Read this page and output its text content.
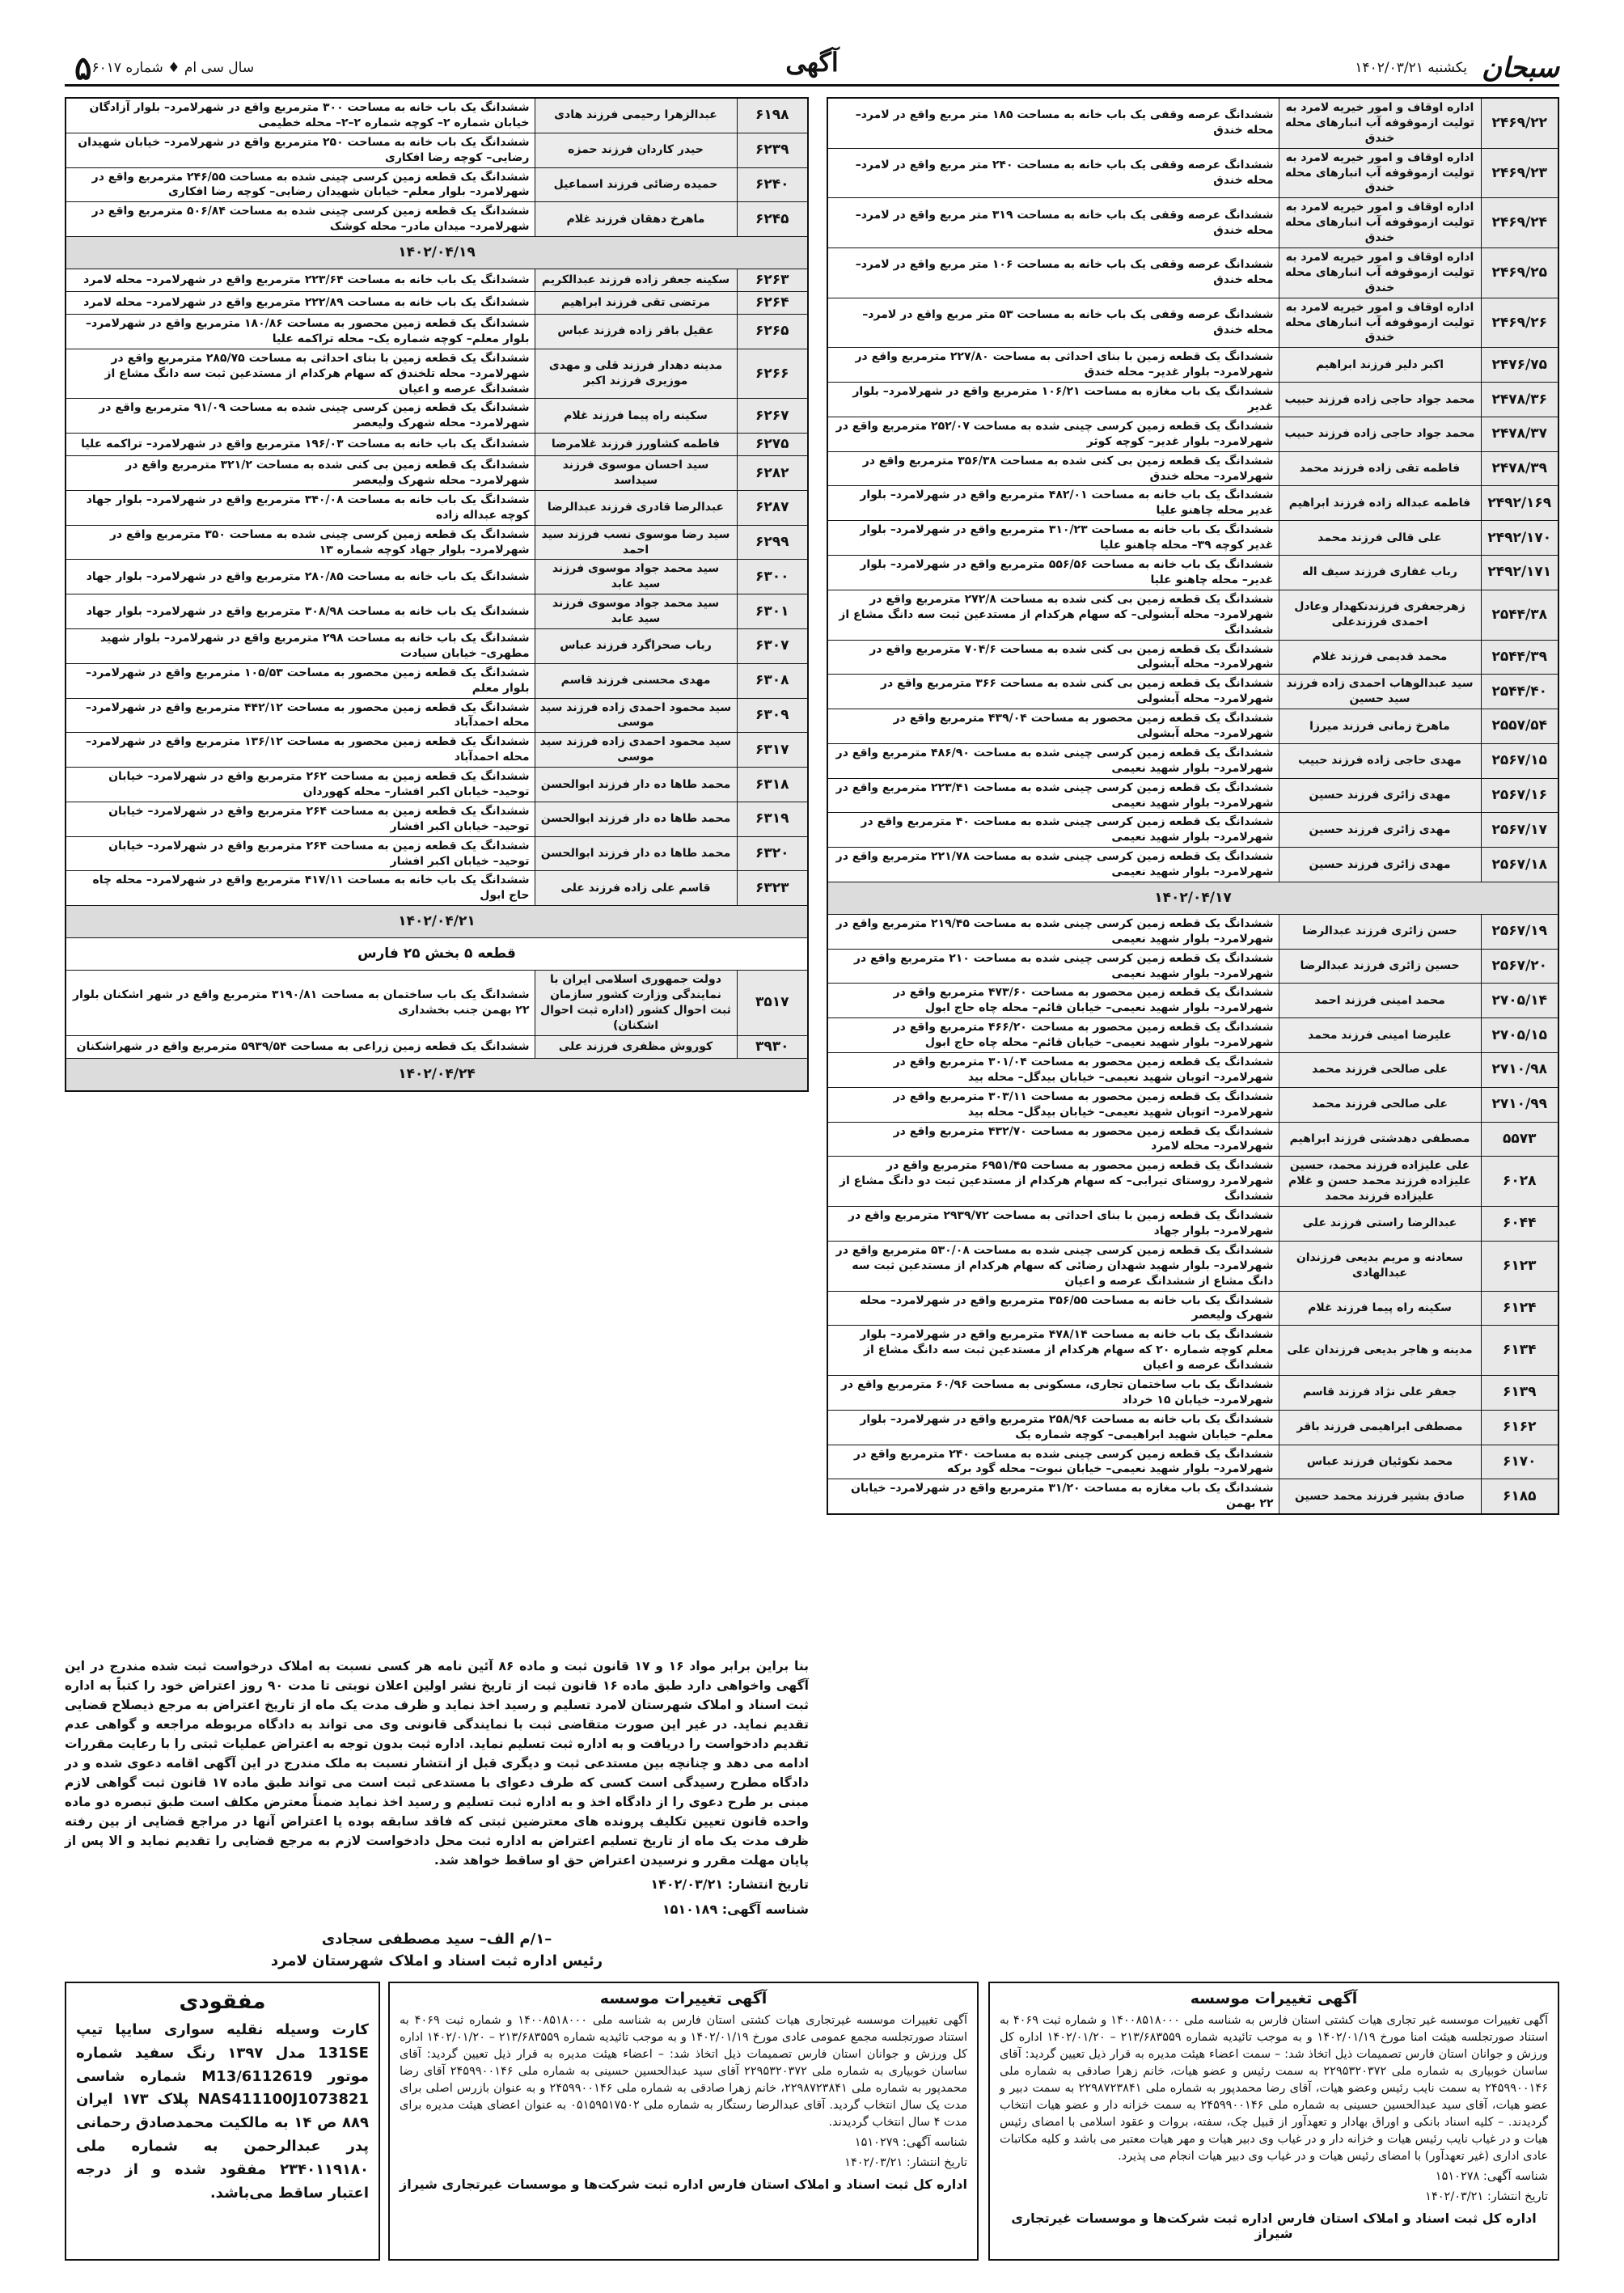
سبحان
یکشنبه ۱۴۰۲/۰۳/۲۱
آگهی
سال سی ام ♦ شماره ۶۰۱۷
۵
۲۴۶۹/۲۲	اداره اوقاف و امور خیریه لامرد به تولیت ازموقوفه آب انبارهای محله خندق	ششدانگ عرصه وقفی یک باب خانه به مساحت ۱۸۵ متر مربع واقع در لامرد– محله خندق
۲۴۶۹/۲۳	اداره اوقاف و امور خیریه لامرد به تولیت ازموقوفه آب انبارهای محله خندق	ششدانگ عرصه وقفی یک باب خانه به مساحت ۲۴۰ متر مربع واقع در لامرد– محله خندق
۲۴۶۹/۲۴	اداره اوقاف و امور خیریه لامرد به تولیت ازموقوفه آب انبارهای محله خندق	ششدانگ عرصه وقفی یک باب خانه به مساحت ۳۱۹ متر مربع واقع در لامرد– محله خندق
۲۴۶۹/۲۵	اداره اوقاف و امور خیریه لامرد به تولیت ازموقوفه آب انبارهای محله خندق	ششدانگ عرصه وقفی یک باب خانه به مساحت ۱۰۶ متر مربع واقع در لامرد– محله خندق
۲۴۶۹/۲۶	اداره اوقاف و امور خیریه لامرد به تولیت ازموقوفه آب انبارهای محله خندق	ششدانگ عرصه وقفی یک باب خانه به مساحت ۵۳ متر مربع واقع در لامرد– محله خندق
۲۴۷۶/۷۵	اکبر دلیر فرزند ابراهیم	ششدانگ یک قطعه زمین با بنای احداثی به مساحت ۲۲۷/۸۰ مترمربع واقع در شهرلامرد– بلوار غدیر– محله خندق
۲۴۷۸/۳۶	محمد جواد حاجی زاده فرزند حبیب	ششدانگ یک باب مغازه به مساحت ۱۰۶/۲۱ مترمربع واقع در شهرلامرد– بلوار غدیر
۲۴۷۸/۳۷	محمد جواد حاجی زاده فرزند حبیب	ششدانگ یک قطعه زمین کرسی چینی شده به مساحت ۲۵۲/۰۷ مترمربع واقع در شهرلامرد– بلوار غدیر– کوچه کوثر
۲۴۷۸/۳۹	فاطمه تقی زاده فرزند محمد	ششدانگ یک قطعه زمین بی کنی شده به مساحت ۳۵۶/۳۸ مترمربع واقع در شهرلامرد– محله خندق
۲۴۹۲/۱۶۹	فاطمه عبداله زاده فرزند ابراهیم	ششدانگ یک باب خانه به مساحت ۴۸۲/۰۱ مترمربع واقع در شهرلامرد– بلوار غدیر محله چاهنو علیا
۲۴۹۲/۱۷۰	علی قالی فرزند محمد	ششدانگ یک باب خانه به مساحت ۳۱۰/۲۳ مترمربع واقع در شهرلامرد– بلوار غدیر کوچه ۳۹– محله چاهنو علیا
۲۴۹۲/۱۷۱	رباب غفاری فرزند سیف اله	ششدانگ یک باب خانه به مساحت ۵۵۶/۵۶ مترمربع واقع در شهرلامرد– بلوار غدیر– محله چاهنو علیا
۲۵۴۴/۳۸	زهرجعفری فرزندنکهدار وعادل احمدی فرزندعلی	ششدانگ یک قطعه زمین بی کنی شده به مساحت ۲۷۲/۸ مترمربع واقع در شهرلامرد– محله آبشولی– که سهام هرکدام از مستدعین ثبت سه دانگ مشاع از ششدانگ
۲۵۴۴/۳۹	محمد قدیمی فرزند غلام	ششدانگ یک قطعه زمین بی کنی شده به مساحت ۷۰۴/۶ مترمربع واقع در شهرلامرد– محله آبشولی
۲۵۴۴/۴۰	سید عبدالوهاب احمدی زاده فرزند سید حسین	ششدانگ یک قطعه زمین بی کنی شده به مساحت ۳۶۶ مترمربع واقع در شهرلامرد– محله آبشولی
۲۵۵۷/۵۴	ماهرخ زمانی فرزند میرزا	ششدانگ یک قطعه زمین محصور به مساحت ۴۳۹/۰۴ مترمربع واقع در شهرلامرد– محله آبشولی
۲۵۶۷/۱۵	مهدی حاجی زاده فرزند حبیب	ششدانگ یک قطعه زمین کرسی چینی شده به مساحت ۴۸۶/۹۰ مترمربع واقع در شهرلامرد– بلوار شهید نعیمی
۲۵۶۷/۱۶	مهدی زائری فرزند حسین	ششدانگ یک قطعه زمین کرسی چینی شده به مساحت ۲۲۳/۴۱ مترمربع واقع در شهرلامرد– بلوار شهید نعیمی
۲۵۶۷/۱۷	مهدی زائری فرزند حسین	ششدانگ یک قطعه زمین کرسی چینی شده به مساحت ۴۰ مترمربع واقع در شهرلامرد– بلوار شهید نعیمی
۲۵۶۷/۱۸	مهدی زائری فرزند حسین	ششدانگ یک قطعه زمین کرسی چینی شده به مساحت ۲۲۱/۷۸ مترمربع واقع در شهرلامرد– بلوار شهید نعیمی
۱۴۰۲/۰۴/۱۷		
۲۵۶۷/۱۹	حسن زائری فرزند عبدالرضا	ششدانگ یک قطعه زمین کرسی چینی شده به مساحت ۲۱۹/۴۵ مترمربع واقع در شهرلامرد– بلوار شهید نعیمی
۲۵۶۷/۲۰	حسین زائری فرزند عبدالرضا	ششدانگ یک قطعه زمین کرسی چینی شده به مساحت ۲۱۰ مترمربع واقع در شهرلامرد– بلوار شهید نعیمی
۲۷۰۵/۱۴	محمد امینی فرزند احمد	ششدانگ یک قطعه زمین محصور به مساحت ۴۷۳/۶۰ مترمربع واقع در شهرلامرد– بلوار شهید نعیمی– خیابان قائم– محله چاه حاج ابول
۲۷۰۵/۱۵	علیرضا امینی فرزند محمد	ششدانگ یک قطعه زمین محصور به مساحت ۴۶۶/۲۰ مترمربع واقع در شهرلامرد– بلوار شهید نعیمی– خیابان قائم– محله چاه حاج ابول
۲۷۱۰/۹۸	علی صالحی فرزند محمد	ششدانگ یک قطعه زمین محصور به مساحت ۳۰۱/۰۴ مترمربع واقع در شهرلامرد– اتوبان شهید نعیمی– خیابان بیدگل– محله بید
۲۷۱۰/۹۹	علی صالحی فرزند محمد	ششدانگ یک قطعه زمین محصور به مساحت ۳۰۳/۱۱ مترمربع واقع در شهرلامرد– اتوبان شهید نعیمی– خیابان بیدگل– محله بید
۵۵۷۳	مصطفی دهدشتی فرزند ابراهیم	ششدانگ یک قطعه زمین محصور به مساحت ۴۳۲/۷۰ مترمربع واقع در شهرلامرد– محله لامرد
۶۰۲۸	علی علیزاده فرزند محمد، حسین علیزاده فرزند محمد حسن و غلام علیزاده فرزند محمد	ششدانگ یک قطعه زمین محصور به مساحت ۶۹۵۱/۴۵ مترمربع واقع در شهرلامرد روستای تیرابی– که سهام هرکدام از مستدعین ثبت دو دانگ مشاع از ششدانگ
۶۰۴۴	عبدالرضا راستی فرزند علی	ششدانگ یک قطعه زمین با بنای احداثی به مساحت ۲۹۳۹/۷۲ مترمربع واقع در شهرلامرد– بلوار جهاد
۶۱۲۳	سعادنه و مریم بدیعی فرزندان عبدالهادی	ششدانگ یک قطعه زمین کرسی چینی شده به مساحت ۵۳۰/۰۸ مترمربع واقع در شهرلامرد– بلوار شهید شهدان رضائی که سهام هرکدام از مستدعین ثبت سه دانگ مشاع از ششدانگ عرصه و اعیان
۶۱۲۴	سکینه راه پیما فرزند غلام	ششدانگ یک باب خانه به مساحت ۳۵۶/۵۵ مترمربع واقع در شهرلامرد– محله شهرک ولیعصر
۶۱۳۴	مدینه و هاجر بدیعی فرزندان علی	ششدانگ یک باب خانه به مساحت ۴۷۸/۱۴ مترمربع واقع در شهرلامرد– بلوار معلم کوچه شماره ۲۰ که سهام هرکدام از مستدعین ثبت سه دانگ مشاع از ششدانگ عرصه و اعیان
۶۱۳۹	جعفر علی نژاد فرزند قاسم	ششدانگ یک باب ساختمان تجاری، مسکونی به مساحت ۶۰/۹۶ مترمربع واقع در شهرلامرد– خیابان ۱۵ خرداد
۶۱۶۲	مصطفی ابراهیمی فرزند باقر	ششدانگ یک باب خانه به مساحت ۲۵۸/۹۶ مترمربع واقع در شهرلامرد– بلوار معلم– خیابان شهید ابراهیمی– کوچه شماره یک
۶۱۷۰	محمد نکوئیان فرزند عباس	ششدانگ یک قطعه زمین کرسی چینی شده به مساحت ۲۴۰ مترمربع واقع در شهرلامرد– بلوار شهید نعیمی– خیابان نبوت– محله گود برکه
۶۱۸۵	صادق بشیر فرزند محمد حسین	ششدانگ یک باب مغازه به مساحت ۳۱/۲۰ مترمربع واقع در شهرلامرد– خیابان ۲۲ بهمن
۶۱۹۸	عبدالزهرا رحیمی فرزند هادی	ششدانگ یک باب خانه به مساحت ۳۰۰ مترمربع واقع در شهرلامرد– بلوار آزادگان خیابان شماره ۲– کوچه شماره ۲–۲– محله خطیمی
۶۲۳۹	حیدر کاردان فرزند حمزه	ششدانگ یک باب خانه به مساحت ۲۵۰ مترمربع واقع در شهرلامرد– خیابان شهیدان رضایی– کوچه رضا افکاری
۶۲۴۰	حمیده رضائی فرزند اسماعیل	ششدانگ یک قطعه زمین کرسی چینی شده به مساحت ۲۴۶/۵۵ مترمربع واقع در شهرلامرد– بلوار معلم– خیابان شهیدان رضایی– کوچه رضا افکاری
۶۲۴۵	ماهرخ دهقان فرزند غلام	ششدانگ یک قطعه زمین کرسی چینی شده به مساحت ۵۰۶/۸۴ مترمربع واقع در شهرلامرد– میدان مادر– محله کوشک
۱۴۰۲/۰۴/۱۹		
۶۲۶۳	سکینه جعفر زاده فرزند عبدالکریم	ششدانگ یک باب خانه به مساحت ۲۲۳/۶۴ مترمربع واقع در شهرلامرد– محله لامرد
۶۲۶۴	مرتضی تقی فرزند ابراهیم	ششدانگ یک باب خانه به مساحت ۲۲۲/۸۹ مترمربع واقع در شهرلامرد– محله لامرد
۶۲۶۵	عقیل باقر زاده فرزند عباس	ششدانگ یک قطعه زمین محصور به مساحت ۱۸۰/۸۶ مترمربع واقع در شهرلامرد– بلوار معلم– کوچه شماره یک– محله تراکمه علیا
۶۲۶۶	مدینه دهدار فرزند قلی و مهدی موزیری فرزند اکبر	ششدانگ یک قطعه زمین با بنای احداثی به مساحت ۲۸۵/۷۵ مترمربع واقع در شهرلامرد– محله تلخندق که سهام هرکدام از مستدعین ثبت سه دانگ مشاع از ششدانگ عرصه و اعیان
۶۲۶۷	سکینه راه پیما فرزند غلام	ششدانگ یک قطعه زمین کرسی چینی شده به مساحت ۹۱/۰۹ مترمربع واقع در شهرلامرد– محله شهرک ولیعصر
۶۲۷۵	فاطمه کشاورز فرزند غلامرضا	ششدانگ یک باب خانه به مساحت ۱۹۶/۰۳ مترمربع واقع در شهرلامرد– تراکمه علیا
۶۲۸۲	سید احسان موسوی فرزند سیداسد	ششدانگ یک قطعه زمین بی کنی شده به مساحت ۳۲۱/۲ مترمربع واقع در شهرلامرد– محله شهرک ولیعصر
۶۲۸۷	عبدالرضا قادری فرزند عبدالرضا	ششدانگ یک باب خانه به مساحت ۳۴۰/۰۸ مترمربع واقع در شهرلامرد– بلوار جهاد کوچه عبداله زاده
۶۲۹۹	سید رضا موسوی نسب فرزند سید احمد	ششدانگ یک قطعه زمین کرسی چینی شده به مساحت ۳۵۰ مترمربع واقع در شهرلامرد– بلوار جهاد کوچه شماره ۱۳
۶۳۰۰	سید محمد جواد موسوی فرزند سید عابد	ششدانگ یک باب خانه به مساحت ۲۸۰/۸۵ مترمربع واقع در شهرلامرد– بلوار جهاد
۶۳۰۱	سید محمد جواد موسوی فرزند سید عابد	ششدانگ یک باب خانه به مساحت ۳۰۸/۹۸ مترمربع واقع در شهرلامرد– بلوار جهاد
۶۳۰۷	رباب صحراگرد فرزند عباس	ششدانگ یک باب خانه به مساحت ۲۹۸ مترمربع واقع در شهرلامرد– بلوار شهید مطهری– خیابان سیادت
۶۳۰۸	مهدی محسنی فرزند قاسم	ششدانگ یک قطعه زمین محصور به مساحت ۱۰۵/۵۳ مترمربع واقع در شهرلامرد– بلوار معلم
۶۳۰۹	سید محمود احمدی زاده فرزند سید موسی	ششدانگ یک قطعه زمین محصور به مساحت ۴۴۲/۱۲ مترمربع واقع در شهرلامرد– محله احمدآباد
۶۳۱۷	سید محمود احمدی زاده فرزند سید موسی	ششدانگ یک قطعه زمین محصور به مساحت ۱۳۶/۱۲ مترمربع واقع در شهرلامرد– محله احمدآباد
۶۳۱۸	محمد طاها ده دار فرزند ابوالحسن	ششدانگ یک قطعه زمین به مساحت ۲۶۲ مترمربع واقع در شهرلامرد– خیابان توحید– خیابان اکبر افشار– محله کهوردان
۶۳۱۹	محمد طاها ده دار فرزند ابوالحسن	ششدانگ یک قطعه زمین به مساحت ۲۶۴ مترمربع واقع در شهرلامرد– خیابان توحید– خیابان اکبر افشار
۶۳۲۰	محمد طاها ده دار فرزند ابوالحسن	ششدانگ یک قطعه زمین به مساحت ۲۶۴ مترمربع واقع در شهرلامرد– خیابان توحید– خیابان اکبر افشار
۶۳۲۳	قاسم علی زاده فرزند علی	ششدانگ یک باب خانه به مساحت ۴۱۷/۱۱ مترمربع واقع در شهرلامرد– محله چاه حاج ابول
۱۴۰۲/۰۴/۲۱		
قطعه ۵ بخش ۲۵ فارس		
۳۵۱۷	دولت جمهوری اسلامی ایران با نمایندگی وزارت کشور سازمان ثبت احوال کشور (اداره ثبت احوال اشکنان)	ششدانگ یک باب ساختمان به مساحت ۳۱۹۰/۸۱ مترمربع واقع در شهر اشکنان بلوار ۲۲ بهمن جنب بخشداری
۳۹۳۰	کوروش مظفری فرزند علی	ششدانگ یک قطعه زمین زراعی به مساحت ۵۹۳۹/۵۴ مترمربع واقع در شهراشکنان
۱۴۰۲/۰۴/۲۴		
بنا براین برابر مواد ۱۶ و ۱۷ قانون ثبت و ماده ۸۶ آئین نامه هر کسی نسبت به املاک درخواست ثبت شده مندرج در این آگهی واخواهی دارد طبق ماده ۱۶ قانون ثبت از تاریخ نشر اولین اعلان نوبتی تا مدت ۹۰ روز اعتراض خود را کتباً به اداره ثبت اسناد و املاک شهرستان لامرد تسلیم و رسید اخذ نماید و ظرف مدت یک ماه از تاریخ اعتراض به مرجع ذیصلاح قضایی تقدیم نماید. در غیر این صورت متقاضی ثبت با نمایندگی قانونی وی می تواند به دادگاه مربوطه مراجعه و گواهی عدم تقدیم دادخواست را دریافت و به اداره ثبت تسلیم نماید. اداره ثبت بدون توجه به اعتراض عملیات ثبتی را با رعایت مقررات ادامه می دهد و چنانچه بین مستدعی ثبت و دیگری قبل از انتشار نسبت به ملک مندرج در این آگهی اقامه دعوی شده و در دادگاه مطرح رسیدگی است کسی که طرف دعوای با مستدعی ثبت است می تواند طبق ماده ۱۷ قانون ثبت گواهی لازم مبنی بر طرح دعوی را از دادگاه اخذ و به اداره ثبت تسلیم و رسید اخذ نماید ضمناً معترض مکلف است طبق تبصره دو ماده واحده قانون تعیین تکلیف پرونده های معترضین ثبتی که فاقد سابقه بوده یا اعتراض آنها در مراجع قضایی از بین رفته ظرف مدت یک ماه از تاریخ تسلیم اعتراض به اداره ثبت محل دادخواست لازم به مرجع قضایی را تقدیم نماید و الا پس از پایان مهلت مقرر و نرسیدن اعتراض حق او ساقط خواهد شد.
تاریخ انتشار: ۱۴۰۲/۰۳/۲۱
شناسه آگهی: ۱۵۱۰۱۸۹
–۱/م الف– سید مصطفی سجادی
رئیس اداره ثبت اسناد و املاک شهرستان لامرد
آگهی تغییرات موسسه
آگهی تغییرات موسسه غیر تجاری هیات کشتی استان فارس به شناسه ملی ۱۴۰۰۸۵۱۸۰۰۰ و شماره ثبت ۴۰۶۹ به استناد صورتجلسه هیئت امنا مورخ ۱۴۰۲/۰۱/۱۹ و به موجب تائیدیه شماره ۲۱۳/۶۸۳۵۵۹ – ۱۴۰۲/۰۱/۲۰ اداره کل ورزش و جوانان استان فارس تصمیمات ذیل اتخاذ شد: – سمت اعضاء هیئت مدیره به قرار ذیل تعیین گردید: آقای ساسان خوبیاری به شماره ملی ۲۲۹۵۳۲۰۳۷۲ به سمت رئیس و عضو هیات، خانم زهرا صادقی به شماره ملی ۲۴۵۹۹۰۰۱۴۶ به سمت نایب رئیس وعضو هیات، آقای رضا محمدپور به شماره ملی ۲۲۹۸۷۲۳۸۴۱ به سمت دبیر و عضو هیات، آقای سید عبدالحسین حسینی به شماره ملی ۲۴۵۹۹۰۰۱۴۶ به سمت خزانه دار و عضو هیات انتخاب گردیدند. – کلیه اسناد بانکی و اوراق بهادار و تعهدآور از قبیل چک، سفته، بروات و عقود اسلامی با امضای رئیس هیات و در غیاب نایب رئیس هیات و خزانه دار و در غیاب وی دبیر هیات و مهر هیات معتبر می باشد و کلیه مکاتبات عادی اداری (غیر تعهدآور) با امضای رئیس هیات و در غیاب وی دبیر هیات انجام می پذیرد.
شناسه آگهی: ۱۵۱۰۲۷۸
تاریخ انتشار: ۱۴۰۲/۰۳/۲۱
اداره کل ثبت اسناد و املاک استان فارس اداره ثبت شرکت‌ها و موسسات غیرتجاری شیراز
آگهی تغییرات موسسه
آگهی تغییرات موسسه غیرتجاری هیات کشتی استان فارس به شناسه ملی ۱۴۰۰۸۵۱۸۰۰۰ و شماره ثبت ۴۰۶۹ به استناد صورتجلسه مجمع عمومی عادی مورخ ۱۴۰۲/۰۱/۱۹ و به موجب تائیدیه شماره ۲۱۳/۶۸۳۵۵۹ – ۱۴۰۲/۰۱/۲۰ اداره کل ورزش و جوانان استان فارس تصمیمات ذیل اتخاذ شد: – اعضاء هیئت مدیره به قرار ذیل تعیین گردید: آقای ساسان خوبیاری به شماره ملی ۲۲۹۵۳۲۰۳۷۲ آقای سید عبدالحسین حسینی به شماره ملی ۲۴۵۹۹۰۰۱۴۶ آقای رضا محمدپور به شماره ملی ۲۲۹۸۷۲۳۸۴۱، خانم زهرا صادقی به شماره ملی ۲۴۵۹۹۰۰۱۴۶ و به عنوان بازرس اصلی برای مدت یک سال انتخاب گردید. آقای عبدالرضا رستگار به شماره ملی ۰۵۱۵۹۵۱۷۵۰۲ به عنوان اعضای هیئت مدیره برای مدت ۴ سال انتخاب گردیدند.
شناسه آگهی: ۱۵۱۰۲۷۹
تاریخ انتشار: ۱۴۰۲/۰۳/۲۱
اداره کل ثبت اسناد و املاک استان فارس اداره ثبت شرکت‌ها و موسسات غیرتجاری شیراز
مفقودی
کارت وسیله نقلیه سواری سایپا تیپ 131SE مدل ۱۳۹۷ رنگ سفید شماره موتور M13/6112619 شماره شاسی NAS411100J1073821 پلاک ۱۷۳ ایران ۸۸۹ ص ۱۴ به مالکیت محمدصادق رحمانی پدر عبدالرحمن به شماره ملی ۲۳۴۰۱۱۹۱۸۰ مفقود شده و از درجه اعتبار ساقط می‌باشد.
